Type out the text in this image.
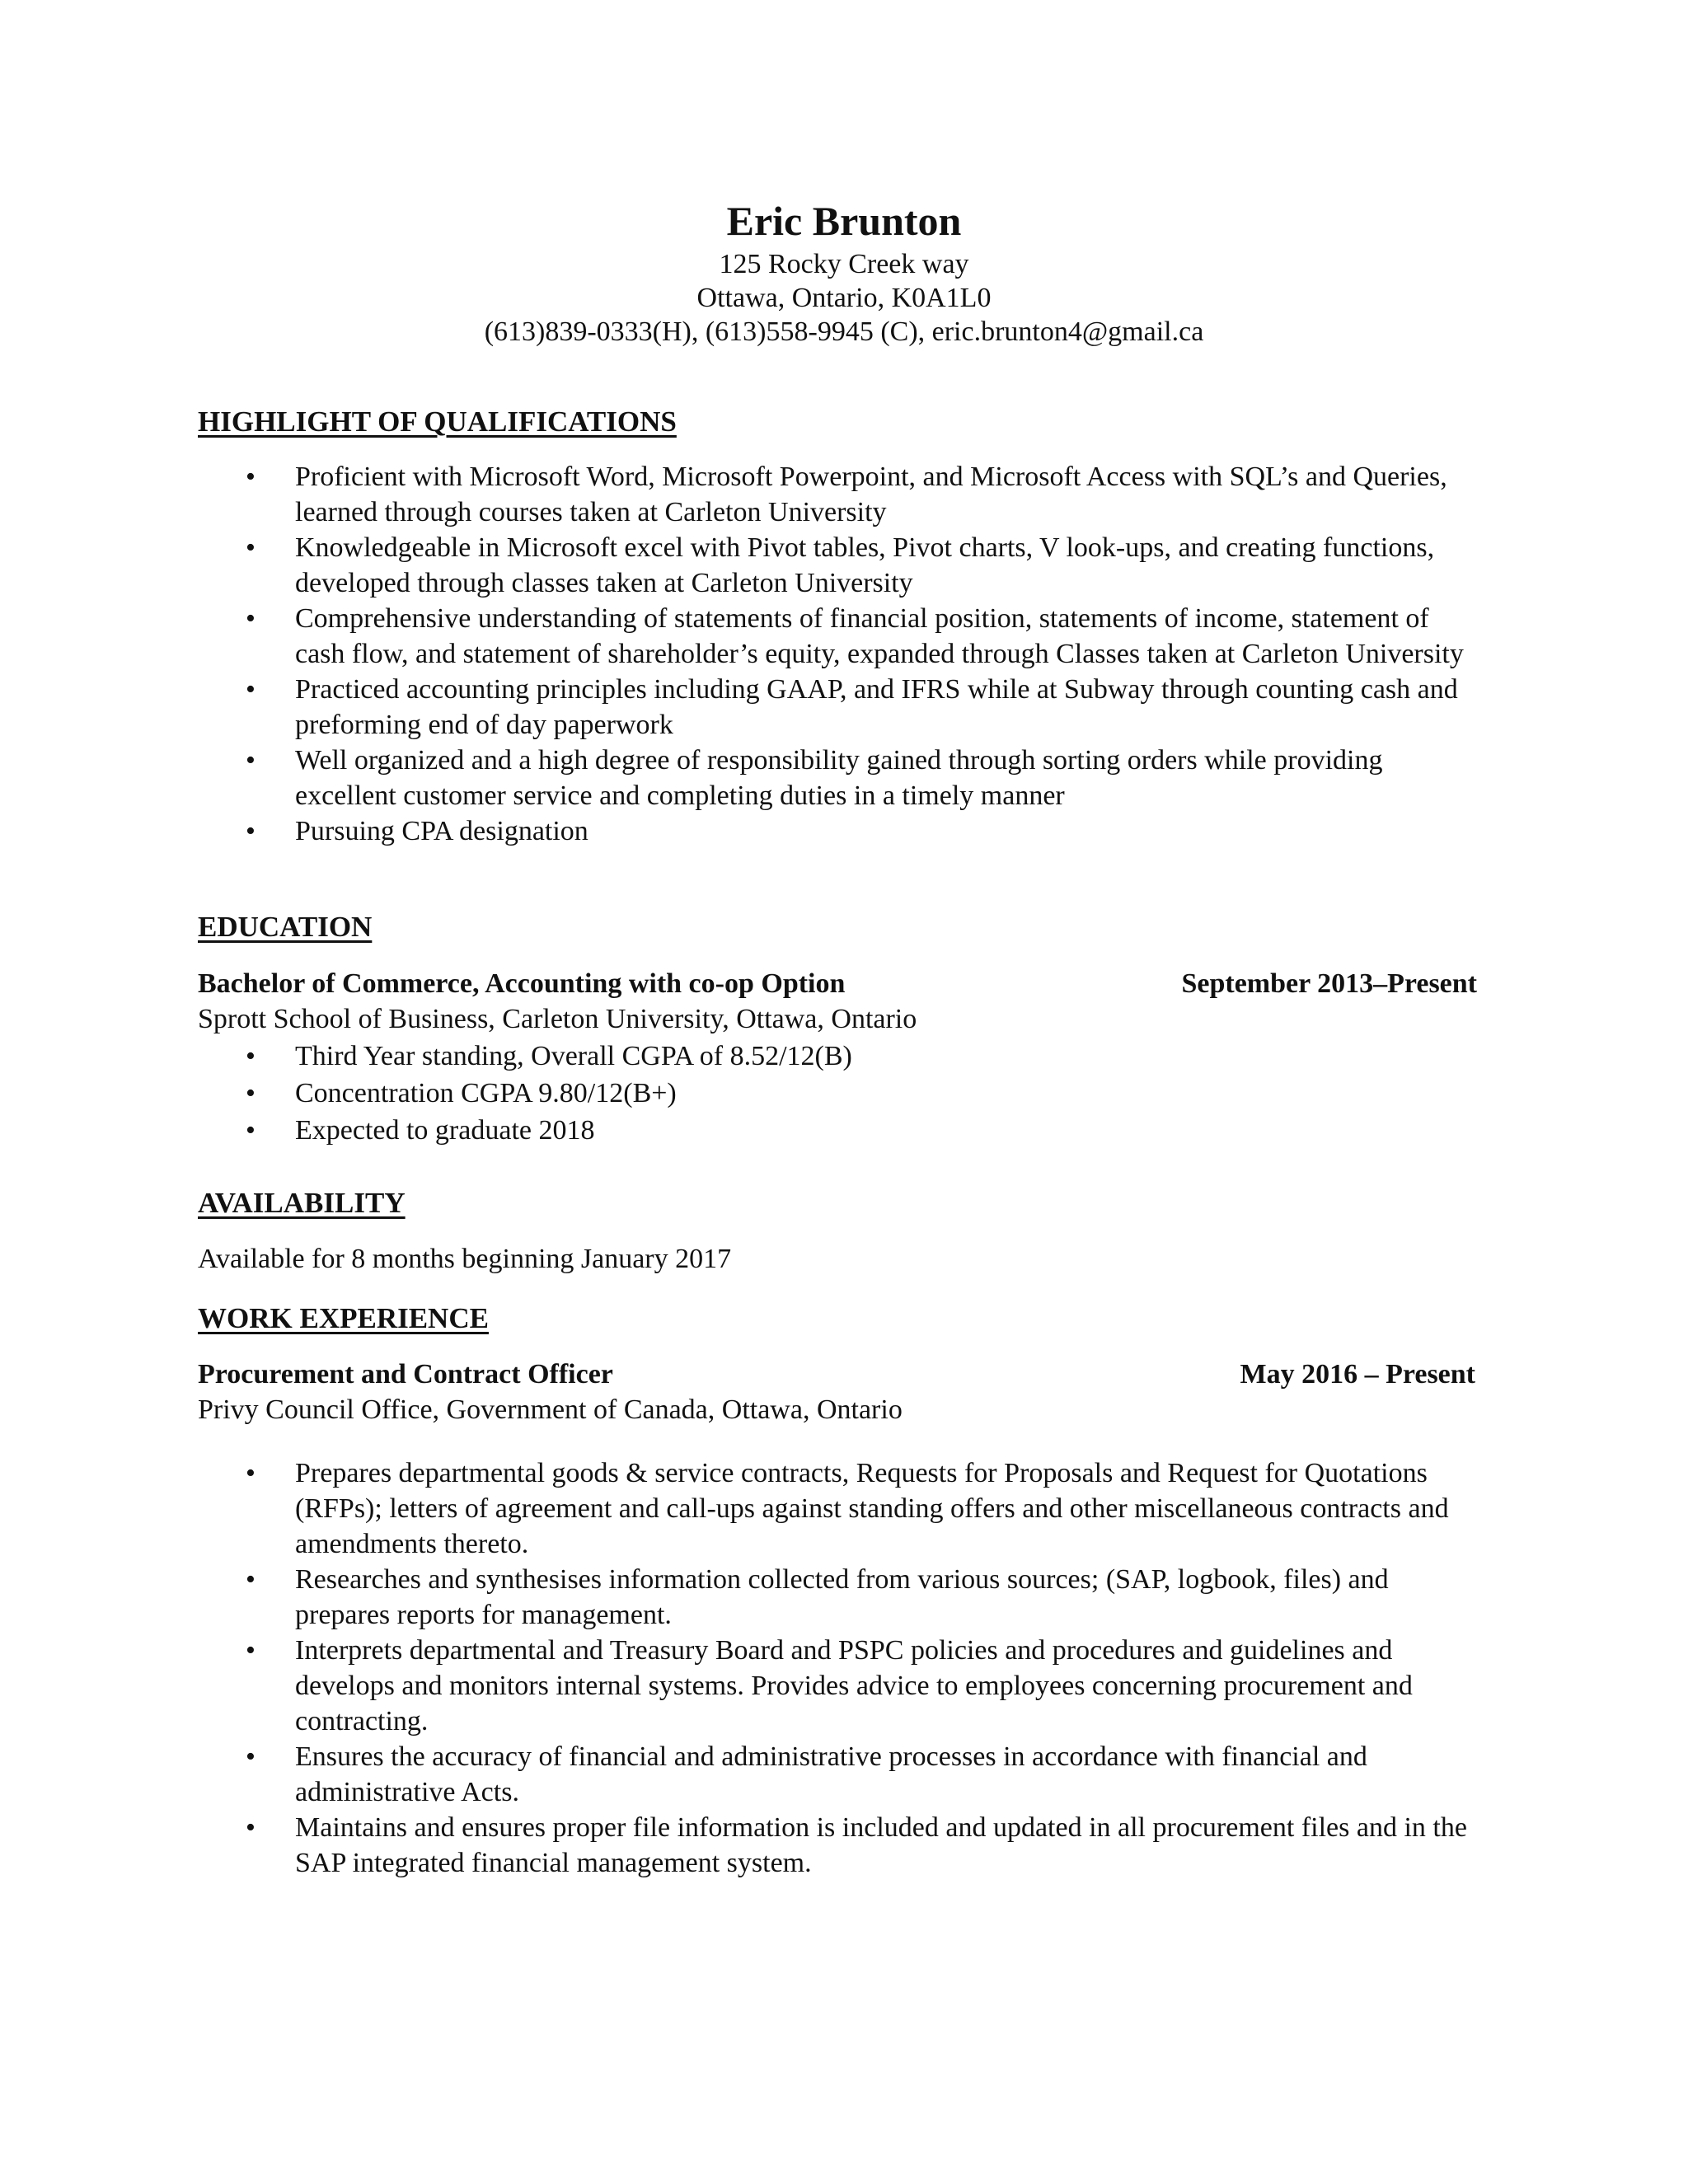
Eric Brunton

125 Rocky Creek way

Ottawa, Ontario, K0A1L0

(613)839-0333(H), (613)558-9945 (C), eric.brunton4@gmail.ca

HIGHLIGHT OF QUALIFICATIONS

• Proficient with Microsoft Word, Microsoft Powerpoint, and Microsoft Access with SQL’s and Queries, learned through courses taken at Carleton University
• Knowledgeable in Microsoft excel with Pivot tables, Pivot charts, V look-ups, and creating functions, developed through classes taken at Carleton University
• Comprehensive understanding of statements of financial position, statements of income, statement of cash flow, and statement of shareholder’s equity, expanded through Classes taken at Carleton University
• Practiced accounting principles including GAAP, and IFRS while at Subway through counting cash and preforming end of day paperwork
• Well organized and a high degree of responsibility gained through sorting orders while providing excellent customer service and completing duties in a timely manner
• Pursuing CPA designation

EDUCATION

Bachelor of Commerce, Accounting with co-op Option	September 2013–Present

Sprott School of Business, Carleton University, Ottawa, Ontario

• Third Year standing, Overall CGPA of 8.52/12(B)
• Concentration CGPA 9.80/12(B+)
• Expected to graduate 2018

AVAILABILITY

Available for 8 months beginning January 2017

WORK EXPERIENCE

Procurement and Contract Officer	May 2016 – Present

Privy Council Office, Government of Canada, Ottawa, Ontario

• Prepares departmental goods & service contracts, Requests for Proposals and Request for Quotations (RFPs); letters of agreement and call-ups against standing offers and other miscellaneous contracts and amendments thereto.
• Researches and synthesises information collected from various sources; (SAP, logbook, files) and prepares reports for management.
• Interprets departmental and Treasury Board and PSPC policies and procedures and guidelines and develops and monitors internal systems. Provides advice to employees concerning procurement and contracting.
• Ensures the accuracy of financial and administrative processes in accordance with financial and administrative Acts.
• Maintains and ensures proper file information is included and updated in all procurement files and in the SAP integrated financial management system.
